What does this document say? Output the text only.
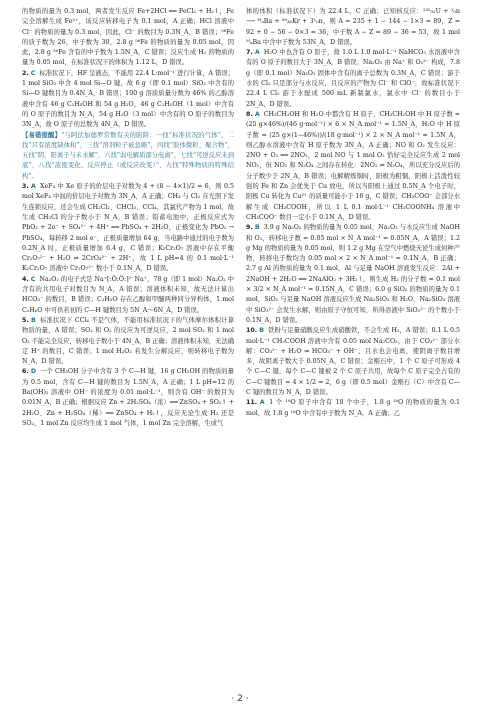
的物质的量为 0.3 mol，两者发生反应 Fe+2HCl ══ FeCl₂ + H₂↑，Fe 完全溶解生成 Fe²⁺，该反应转移电子为 0.1 mol，A 正确；HCl 溶液中 Cl⁻ 的物质的量为 0.3 mol，因此，Cl⁻ 的数目为 0.3N_A，B 错误；⁵⁶Fe 的质子数为 26，中子数为 30，2.8 g ⁵⁶Fe 的物质的量为 0.05 mol，因此，2.8 g ⁵⁶Fe 含有的中子数为 1.5N_A，C 错误；反应生成 H₂ 的物质的量为 0.05 mol，在标准状况下的体积为 1.12 L，D 错误。

2. C 标准状况下，HF 呈液态，不能用 22.4 L·mol⁻¹ 进行计算，A 错误；1 mol SiO₂ 中含 4 mol Si—O 键，故 6 g（即 0.1 mol）SiO₂ 中含有的 Si—O 键数目为 0.4N_A，B 错误；100 g 溶质质量分数为 46% 的乙醇溶液中含有 46 g C₂H₅OH 和 54 g H₂O，46 g C₂H₅OH（1 mol）中含有的 O 原子的数目为 N_A，54 g H₂O（3 mol）中含有的 O 原子的数目为 3N_A，故 O 原子的总数为 4N_A，D 错误。

【易错提醒】“与阿伏加德罗常数有关的陷阱：一找“标准状况的气体”，二找“只有浓度缺体积”，三找“溶剂粒子被忽略”，四找“胶体微粒、聚合物”，五找“阴、阳离子与未水解”，六找“弱电解质部分电离”，七找“可逆反应未到底”，八找“浓度变化、反应停止（或反应改变）”，九找“特殊物质的特殊结构”。

3. A XeF₄ 中 Xe 原子的价层电子对数为 4 + (8 − 4×1)/2 = 6，则 0.5 mol XeF₄ 中氙的价层电子对数为 3N_A，A 正确；CH₄ 与 Cl₂ 在光照下发生连锁反应，还会生成 CH₂Cl₂、CHCl₃、CCl₄，其氯代产物为 1 mol，故生成 CH₃Cl 的分子数小于 N_A，B 错误；铅蓄电池中，正极反应式为 PbO₂ + 2e⁻ + SO₄²⁻ + 4H⁺ ══ PbSO₄ + 2H₂O，正极变化为 PbO₂ → PbSO₄，每转移 2 mol e⁻，正极质量增加 64 g，当电路中通过的电子数为 0.2N_A 时，正极质量增加 6.4 g，C 错误；K₂Cr₂O₇ 溶液中存在平衡 Cr₂O₇²⁻ + H₂O ⇌ 2CrO₄²⁻ + 2H⁺，故 1 L pH=4 的 0.1 mol·L⁻¹ K₂Cr₂O₇ 溶液中 Cr₂O₇²⁻ 数小于 0.1N_A，D 错误。

4. C Na₂O₂ 的电子式是 Na⁺[:Ö:Ö:]²⁻Na⁺，78 g（即 1 mol）Na₂O₂ 中含有的共用电子对数目为 N_A，A 错误；溶液体积未知，故无法计算出 HCO₃⁻ 的数目，B 错误；C₂H₅O 存在乙醇和甲醚两种同分异构体，1 mol C₂H₆O 中可供若初的 C—H 键数目为 5N_A～6N_A，D 错误。

5. B 标准状况下 CCl₄ 不是气体，不能用标准状况下的气体摩尔体积计算物质的量，A 错误；SO₂ 和 O₂ 的反应为可逆反应，2 mol SO₂ 和 1 mol O₂ 不能完全反应，转移电子数小于 4N_A，B 正确；溶液体积未知，无法确定 H⁺ 的数目，C 错误；1 mol H₂O₂ 若发生分解反应，则转移电子数为 N_A，D 错误。

6. D 一个 CH₃OH 分子中含有 3 个 C—H 键，16 g CH₃OH 的物质的量为 0.5 mol，含有 C—H 键的数目为 1.5N_A，A 正确；1 L pH=12 的 Ba(OH)₂ 溶液中 OH⁻ 的浓度为 0.01 mol·L⁻¹，则含有 OH⁻ 的数目为 0.01N_A，B 正确；根据反应 Zn + 2H₂SO₄（浓）══ ZnSO₄ + SO₂↑ + 2H₂O、Zn + H₂SO₄（稀）══ ZnSO₄ + H₂↑，反应无论生成 H₂ 还是 SO₂，1 mol Zn 反应均生成 1 mol 气体，1 mol Zn 完全溶解，生成气

体的体积（标准状况下）为 22.4 L，C 正确；已知核反应：²³⁵₉₂U + ¹₀n ⟶ ᴹₐBa + ⁸⁹₃₆Kr + 3¹₀n，则 A = 235 + 1 − 144 − 1×3 = 89，Z = 92 + 0 − 56 − 0×3 = 36，中子数 A − Z = 89 − 36 = 53，故 1 mol ᴹₐBa 中含中子数为 53N_A，D 错误。

7. A H₂O 中也含有 O 原子，故 1.0 L 1.0 mol·L⁻¹ NaHCO₃ 水溶液中含有的 O 原子的数目大于 3N_A，B 错误；Na₂O₂ 由 Na⁺ 和 O₂²⁻ 构成，7.8 g（即 0.1 mol）Na₂O₂ 固体中含有的离子总数为 0.3N_A，C 错误；游于水的 Cl₂ 只是部分与水反应，且反应的产物为 Cl⁻ 和 ClO⁻，故标准状况下 22.4 L Cl₂ 游于水配成 500 mL 新制氯水，氯水中 Cl⁻ 的数目小于 2N_A，D 错误。

8. A CH₃CH₂OH 和 H₂O 中都含有 H 原子，CH₃CH₂OH 中 H 原子数 = (25 g×46%)/(46 g·mol⁻¹) × 6 × N_A mol⁻¹ = 1.5N_A，H₂O 中 H 原子数 = (25 g×(1−46%))/(18 g·mol⁻¹) × 2 × N_A mol⁻¹ = 1.5N_A，则乙醇水溶液中含有 H 原子数为 3N_A，A 正确；NO 和 O₂ 发生反应：2NO + O₂ ══ 2NO₂，2 mol NO 与 1 mol O₂ 恰好完全反应生成 2 mol NO₂，但 NO₂ 和 N₂O₄ 之间存在转化：2NO₂ ⇌ N₂O₄，所以充分反应后的分子数少于 2N_A，B 错误；电解精炼铜时，阳极为粗铜，阳极上活泼性较强的 Fe 和 Zn 会优先于 Cu 放电，所以当阳极上通过 0.5N_A 个电子时，阳极 Cu 转化为 Cu²⁺ 的质量可能小于 16 g，C 错误；CH₃COO⁻ 会部分水解生成 CH₃COOH，所以 1 L 0.1 mol·L⁻¹ CH₃COONH₄ 溶液中 CH₃COO⁻ 数目一定小于 0.1N_A，D 错误。

9. B 3.9 g Na₂O₂ 的物质的量为 0.05 mol，Na₂O₂ 与水反应生成 NaOH 和 O₂，转移电子数 = 0.05 mol × N_A mol⁻¹ = 0.05N_A，A 错误；1.2 g Mg 的物质的量为 0.05 mol，则 1.2 g Mg 在空气中燃烧无论生成何种产物，转移电子数均为 0.05 mol × 2 × N_A mol⁻¹ = 0.1N_A，B 正确；2.7 g Al 的物质的量为 0.1 mol，Al 与足量 NaOH 溶液发生反应：2Al + 2NaOH + 2H₂O ══ 2NaAlO₂ + 3H₂↑，则生成 H₂ 的分子数 = 0.1 mol × 3/2 × N_A mol⁻¹ = 0.15N_A，C 错误；6.0 g SiO₂ 的物质的量为 0.1 mol，SiO₂ 与足量 NaOH 溶液反应生成 Na₂SiO₃ 和 H₂O，Na₂SiO₃ 溶液中 SiO₃²⁻ 会发生水解，则由原子守恒可知，所得溶液中 SiO₃²⁻ 的个数小于 0.1N_A，D 错误。

10. B 铁粉与足量硝酸反应生成硝酸铁，不会生成 H₂，A 错误；0.1 L 0.5 mol·L⁻¹ CH₃COOH 溶液中含有 0.05 mol Na₂CO₃，由于 CO₃²⁻ 部分水解：CO₃²⁻ + H₂O ⇌ HCO₃⁻ + OH⁻，且水也会电离，使阴离子数目增多，故阴离子数大于 0.05N_A，C 错误；金刚石中，1 个 C 原子可形成 4 个 C—C 键，每个 C—C 键被 2 个 C 原子共用，故每个 C 原子完全占有的 C—C 键数目 = 4 × 1/2 = 2，6 g（即 0.5 mol）金刚石（C）中含有 C—C 键的数目为 N_A，D 错误。

11. A 1 个 ¹⁸O 原子中含有 10 个中子，1.8 g ¹⁸O 的物质的量为 0.1 mol，故 1.8 g ¹⁸O 中含有中子数为 N_A，A 正确；乙

· 2 ·
